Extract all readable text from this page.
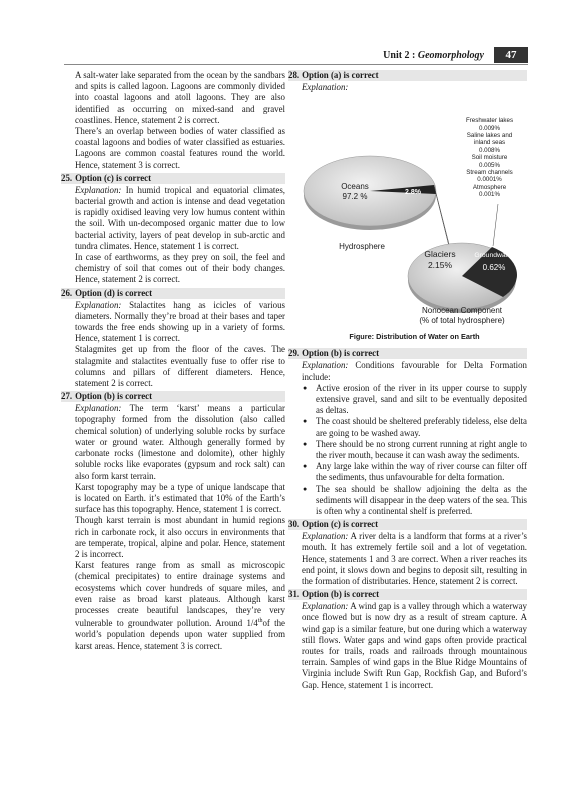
Unit 2 : Geomorphology	47

A salt-water lake separated from the ocean by the sandbars and spits is called lagoon. Lagoons are commonly divided into coastal lagoons and atoll lagoons. They are also identified as occurring on mixed-sand and gravel coastlines. Hence, statement 2 is correct.

There’s an overlap between bodies of water classified as coastal lagoons and bodies of water classified as estuaries. Lagoons are common coastal features round the world. Hence, statement 3 is correct.

25. Option (c) is correct

Explanation: In humid tropical and equatorial climates, bacterial growth and action is intense and dead vegetation is rapidly oxidised leaving very low humus content within the soil. With un-decomposed organic matter due to low bacterial activity, layers of peat develop in sub-arctic and tundra climates. Hence, statement 1 is correct.

In case of earthworms, as they prey on soil, the feel and chemistry of soil that comes out of their body changes. Hence, statement 2 is correct.

26. Option (d) is correct

Explanation: Stalactites hang as icicles of various diameters. Normally they’re broad at their bases and taper towards the free ends showing up in a variety of forms. Hence, statement 1 is correct.

Stalagmites get up from the floor of the caves. The stalagmite and stalactites eventually fuse to offer rise to columns and pillars of different diameters. Hence, statement 2 is correct.

27. Option (b) is correct

Explanation: The term ‘karst’ means a particular topography formed from the dissolution (also called chemical solution) of underlying soluble rocks by surface water or ground water. Although generally formed by carbonate rocks (limestone and dolomite), other highly soluble rocks like evaporates (gypsum and rock salt) can also form karst terrain.

Karst topography may be a type of unique landscape that is located on Earth. it’s estimated that 10% of the Earth’s surface has this topography. Hence, statement 1 is correct.

Though karst terrain is most abundant in humid regions rich in carbonate rock, it also occurs in environments that are temperate, tropical, alpine and polar. Hence, statement 2 is incorrect.

Karst features range from as small as microscopic (chemical precipitates) to entire drainage systems and ecosystems which cover hundreds of square miles, and even raise as broad karst plateaus. Although karst processes create beautiful landscapes, they’re very vulnerable to groundwater pollution. Around 1/4thof the world’s population depends upon water supplied from karst areas. Hence, statement 3 is correct.

28. Option (a) is correct

Explanation:

Freshwater lakes
0.009%
Saline lakes and
inland seas
0.008%
Soil moisture
0.005%
Stream channels
0.0001%
Atmosphere
0.001%
Oceans
97.2 %	2.8%
Hydrosphere
Glaciers
2.15%
Groundwater
0.62%
Nonocean Component
(% of total hydrosphere)
Figure: Distribution of Water on Earth
29. Option (b) is correct

Explanation: Conditions favourable for Delta Formation include:

● Active erosion of the river in its upper course to supply extensive gravel, sand and silt to be eventually deposited as deltas.
● The coast should be sheltered preferably tideless, else delta are going to be washed away.
● There should be no strong current running at right angle to the river mouth, because it can wash away the sediments.
● Any large lake within the way of river course can filter off the sediments, thus unfavourable for delta formation.
● The sea should be shallow adjoining the delta as the sediments will disappear in the deep waters of the sea. This is often why a continental shelf is preferred.
30. Option (c) is correct

Explanation: A river delta is a landform that forms at a river’s mouth. It has extremely fertile soil and a lot of vegetation. Hence, statements 1 and 3 are correct. When a river reaches its end point, it slows down and begins to deposit silt, resulting in the formation of distributaries. Hence, statement 2 is correct.

31. Option (b) is correct

Explanation: A wind gap is a valley through which a waterway once flowed but is now dry as a result of stream capture. A wind gap is a similar feature, but one during which a waterway still flows. Water gaps and wind gaps often provide practical routes for trails, roads and railroads through mountainous terrain. Samples of wind gaps in the Blue Ridge Mountains of Virginia include Swift Run Gap, Rockfish Gap, and Buford’s Gap. Hence, statement 1 is incorrect.
